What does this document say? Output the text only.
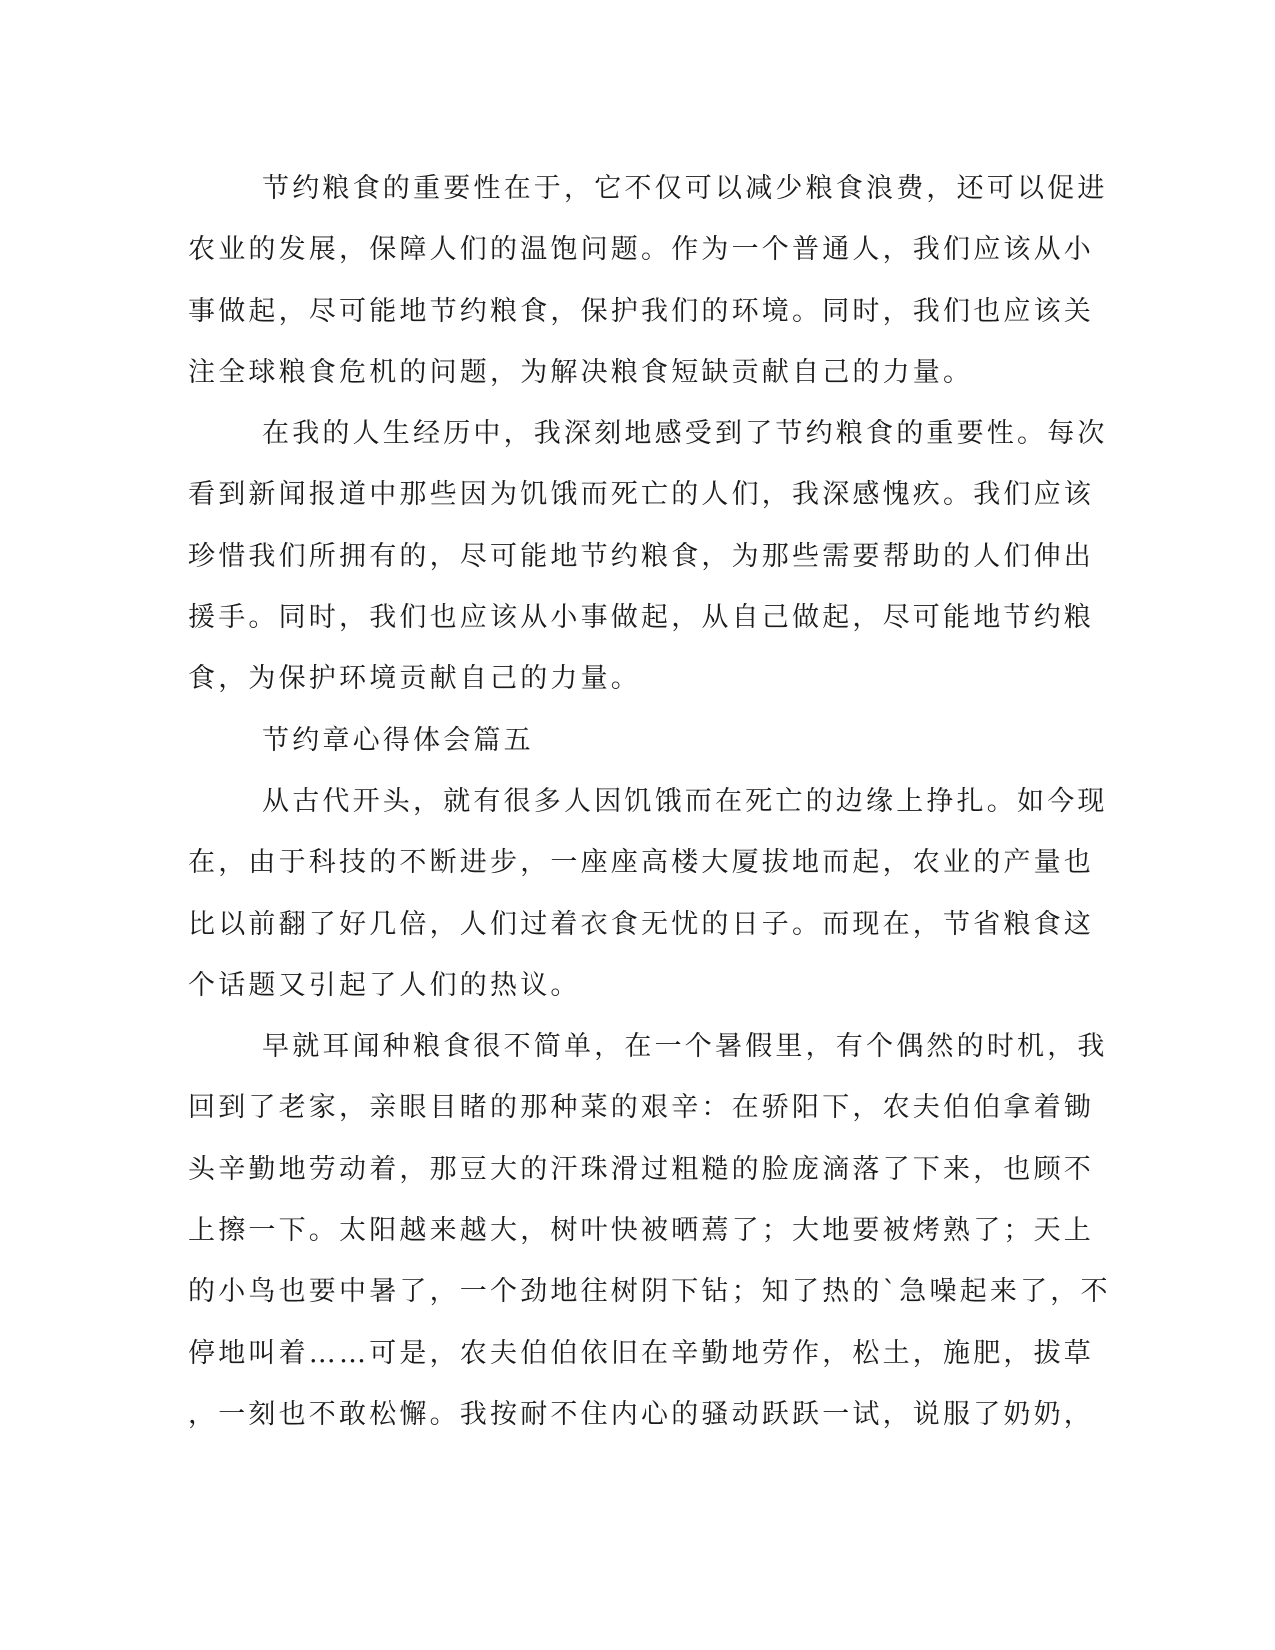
节约粮食的重要性在于，它不仅可以减少粮食浪费，还可以促进
农业的发展，保障人们的温饱问题。作为一个普通人，我们应该从小
事做起，尽可能地节约粮食，保护我们的环境。同时，我们也应该关
注全球粮食危机的问题，为解决粮食短缺贡献自己的力量。
在我的人生经历中，我深刻地感受到了节约粮食的重要性。每次
看到新闻报道中那些因为饥饿而死亡的人们，我深感愧疚。我们应该
珍惜我们所拥有的，尽可能地节约粮食，为那些需要帮助的人们伸出
援手。同时，我们也应该从小事做起，从自己做起，尽可能地节约粮
食，为保护环境贡献自己的力量。
节约章心得体会篇五
从古代开头，就有很多人因饥饿而在死亡的边缘上挣扎。如今现
在，由于科技的不断进步，一座座高楼大厦拔地而起，农业的产量也
比以前翻了好几倍，人们过着衣食无忧的日子。而现在，节省粮食这
个话题又引起了人们的热议。
早就耳闻种粮食很不简单，在一个暑假里，有个偶然的时机，我
回到了老家，亲眼目睹的那种菜的艰辛：在骄阳下，农夫伯伯拿着锄
头辛勤地劳动着，那豆大的汗珠滑过粗糙的脸庞滴落了下来，也顾不
上擦一下。太阳越来越大，树叶快被晒蔫了；大地要被烤熟了；天上
的小鸟也要中暑了，一个劲地往树阴下钻；知了热的`急噪起来了，不
停地叫着……可是，农夫伯伯依旧在辛勤地劳作，松土，施肥，拔草
，一刻也不敢松懈。我按耐不住内心的骚动跃跃一试，说服了奶奶，
